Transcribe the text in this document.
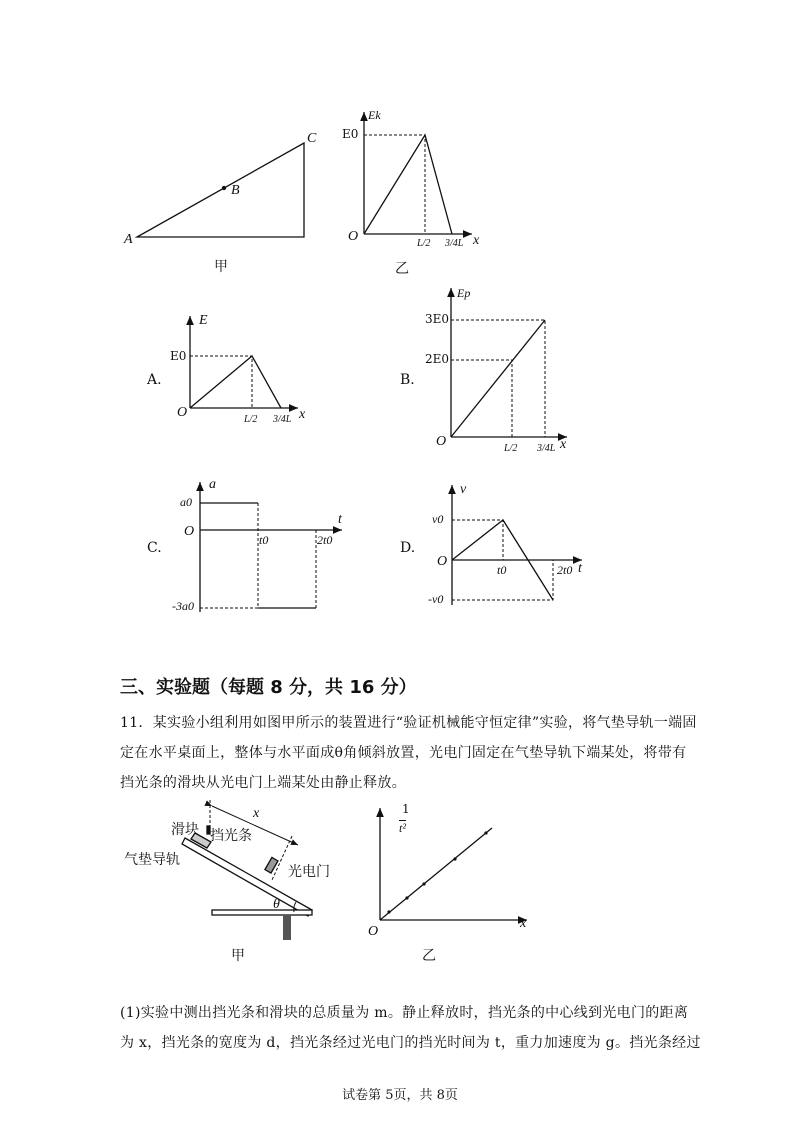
A
B
C
甲
Ek
E0
O	L/2 3/4L x
乙
A.
E
E0
O	L/2 3/4L x
B.
Ep
3E0
2E0
O	L/2 3/4L x
C.
a
a0
-3a0
O
t0	2t0
t
D.
v
v0
-v0
O
t0	2t0 t
三、实验题（每题 8 分，共 16 分）
11．某实验小组利用如图甲所示的装置进行“验证机械能守恒定律”实验，将气垫导轨一端固
定在水平桌面上，整体与水平面成θ角倾斜放置，光电门固定在气垫导轨下端某处，将带有
挡光条的滑块从光电门上端某处由静止释放。
滑块 挡光条
气垫导轨
光电门
x
θ
甲
1
t²
O
x
乙
(1)实验中测出挡光条和滑块的总质量为 m。静止释放时，挡光条的中心线到光电门的距离
为 x，挡光条的宽度为 d，挡光条经过光电门的挡光时间为 t，重力加速度为 g。挡光条经过
试卷第 5页，共 8页
